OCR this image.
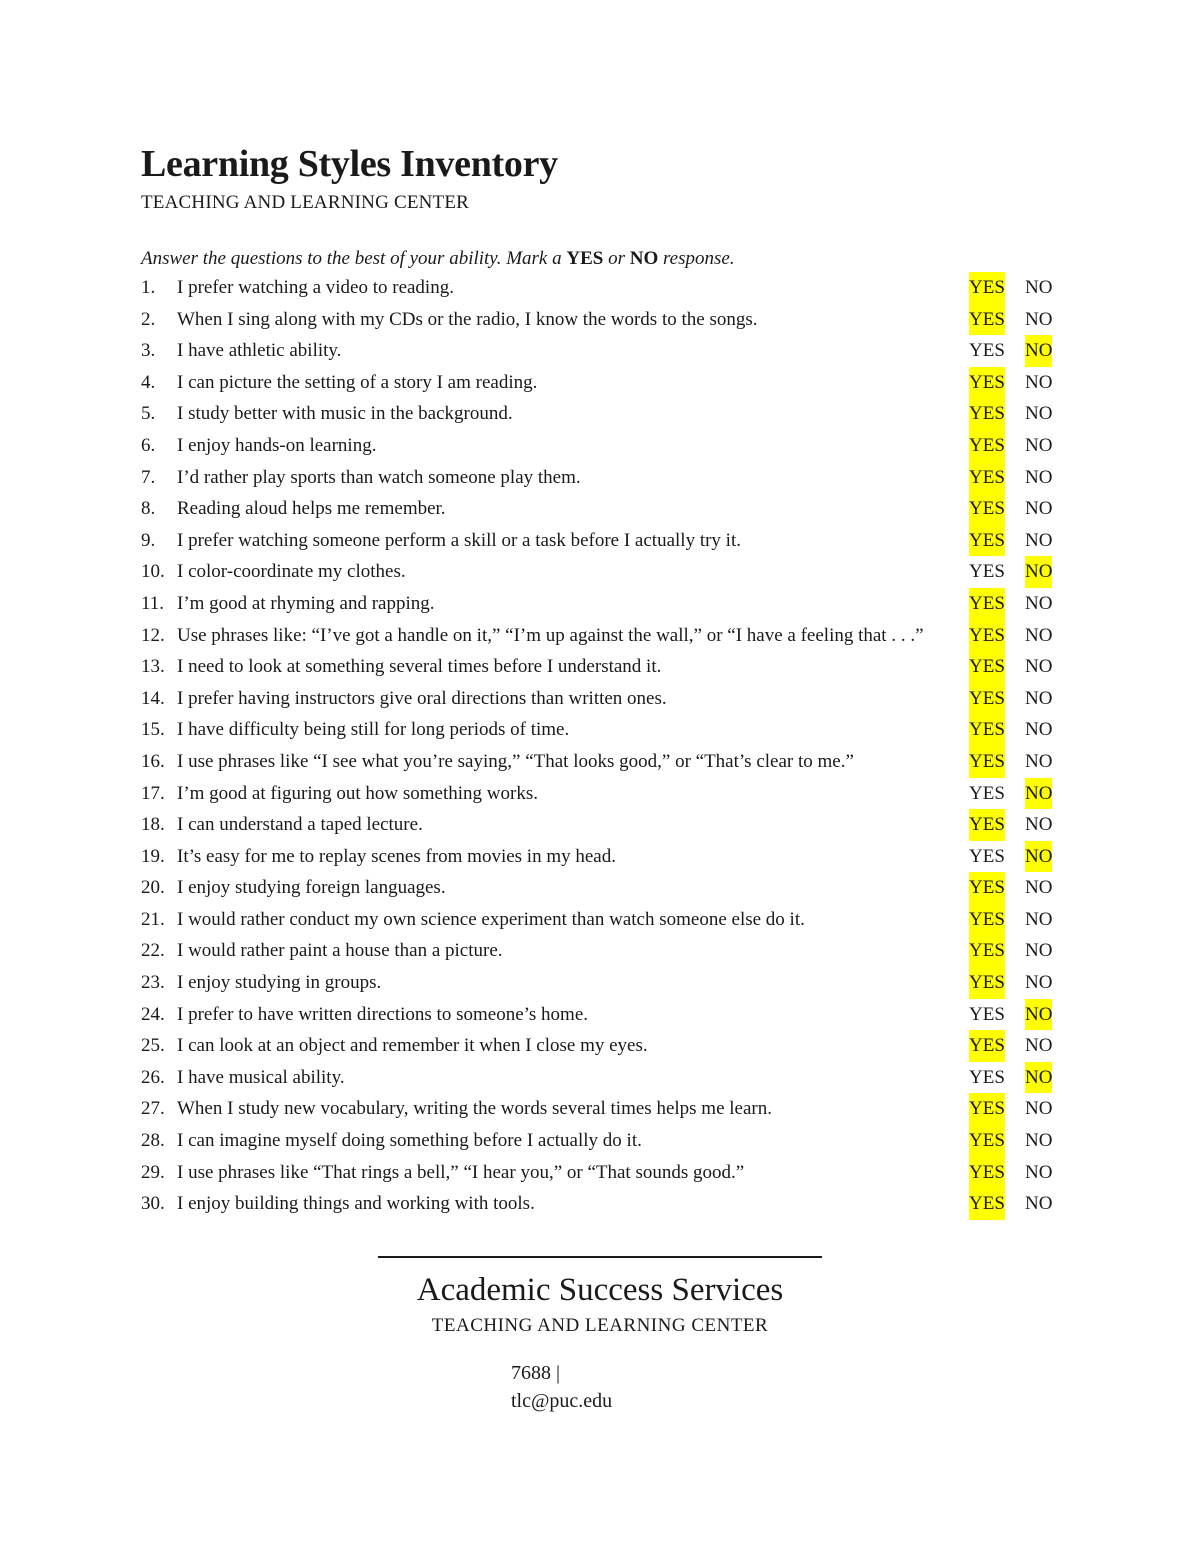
Learning Styles Inventory
TEACHING AND LEARNING CENTER
Answer the questions to the best of your ability. Mark a YES or NO response.
1. I prefer watching a video to reading.	YES NO
2. When I sing along with my CDs or the radio, I know the words to the songs.	YES NO
3. I have athletic ability.	YES NO
4. I can picture the setting of a story I am reading.	YES NO
5. I study better with music in the background.	YES NO
6. I enjoy hands-on learning.	YES NO
7. I’d rather play sports than watch someone play them.	YES NO
8. Reading aloud helps me remember.	YES NO
9. I prefer watching someone perform a skill or a task before I actually try it.	YES NO
10. I color-coordinate my clothes.	YES NO
11. I’m good at rhyming and rapping.	YES NO
12. Use phrases like: “I’ve got a handle on it,” “I’m up against the wall,” or “I have a feeling that . . .” YES NO
13. I need to look at something several times before I understand it.	YES NO
14. I prefer having instructors give oral directions than written ones.	YES NO
15. I have difficulty being still for long periods of time.	YES NO
16. I use phrases like “I see what you’re saying,” “That looks good,” or “That’s clear to me.”	YES NO
17. I’m good at figuring out how something works.	YES NO
18. I can understand a taped lecture.	YES NO
19. It’s easy for me to replay scenes from movies in my head.	YES NO
20. I enjoy studying foreign languages.	YES NO
21. I would rather conduct my own science experiment than watch someone else do it.	YES NO
22. I would rather paint a house than a picture.	YES NO
23. I enjoy studying in groups.	YES NO
24. I prefer to have written directions to someone’s home.	YES NO
25. I can look at an object and remember it when I close my eyes.	YES NO
26. I have musical ability.	YES NO
27. When I study new vocabulary, writing the words several times helps me learn.	YES NO
28. I can imagine myself doing something before I actually do it.	YES NO
29. I use phrases like “That rings a bell,” “I hear you,” or “That sounds good.”	YES NO
30. I enjoy building things and working with tools.	YES NO
Academic Success Services
TEACHING AND LEARNING CENTER
7688 |
tlc@puc.edu
